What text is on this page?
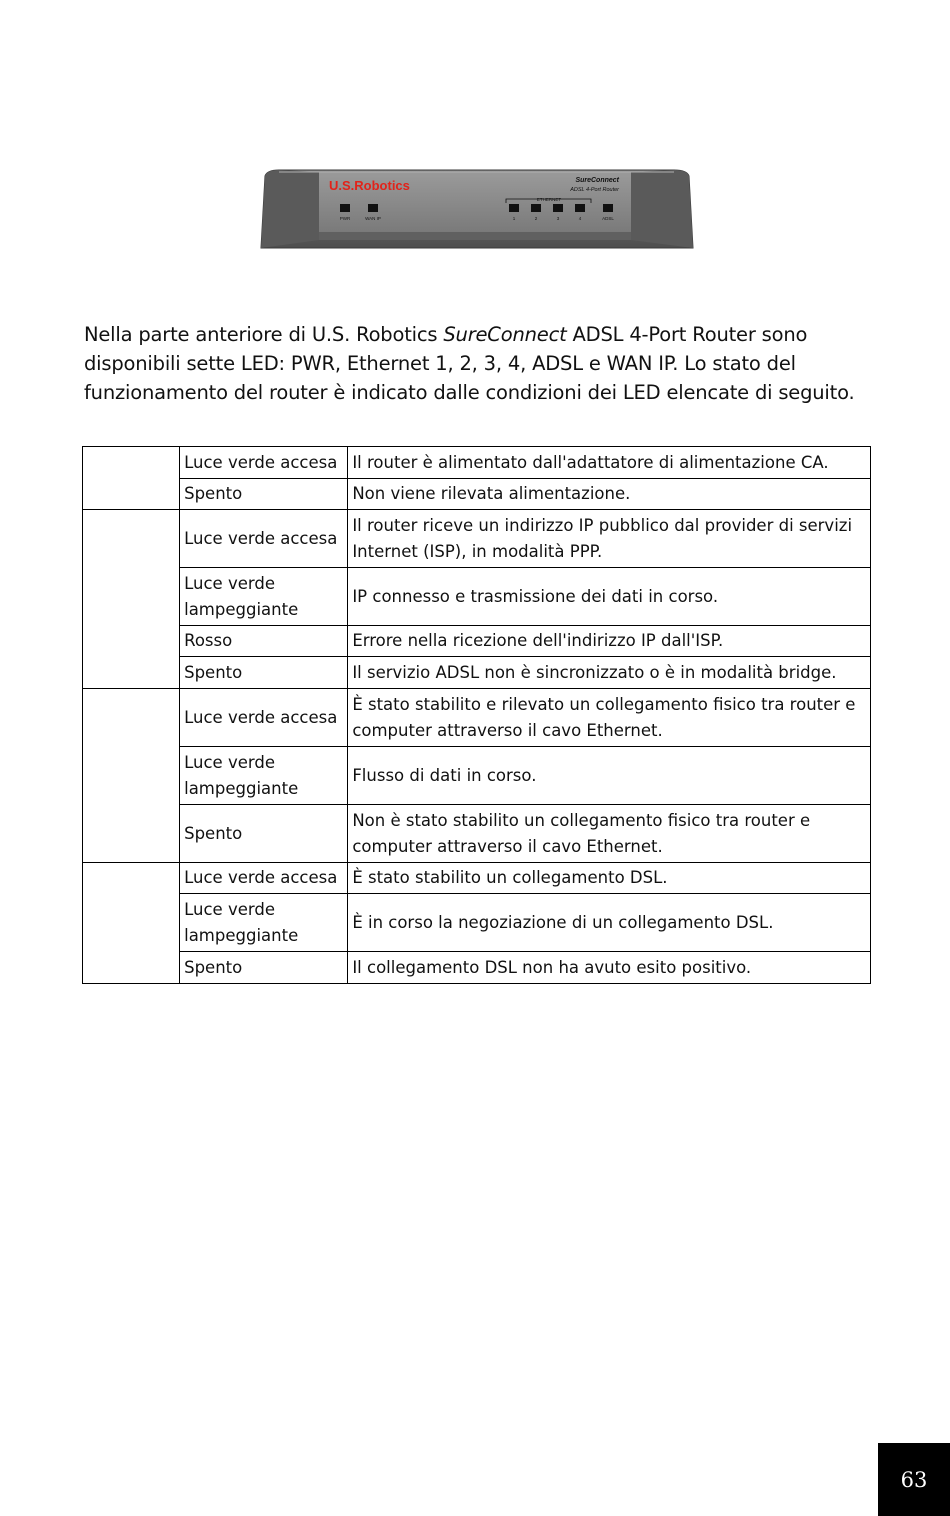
U.S.Robotics	SureConnect
ADSL 4-Port Router
ETHERNET
PWR	WAN IP	1	2	3	4	ADSL

Nella parte anteriore di U.S. Robotics SureConnect ADSL 4-Port Router sono disponibili sette LED: PWR, Ethernet 1, 2, 3, 4, ADSL e WAN IP. Lo stato del funzionamento del router è indicato dalle condizioni dei LED elencate di seguito.

	Luce verde accesa	Il router è alimentato dall'adattatore di alimentazione CA.
	Spento	Non viene rilevata alimentazione.
	Luce verde accesa	Il router riceve un indirizzo IP pubblico dal provider di servizi Internet (ISP), in modalità PPP.
	Luce verde lampeggiante	IP connesso e trasmissione dei dati in corso.
	Rosso	Errore nella ricezione dell'indirizzo IP dall'ISP.
	Spento	Il servizio ADSL non è sincronizzato o è in modalità bridge.
	Luce verde accesa	È stato stabilito e rilevato un collegamento fisico tra router e computer attraverso il cavo Ethernet.
	Luce verde lampeggiante	Flusso di dati in corso.
	Spento	Non è stato stabilito un collegamento fisico tra router e computer attraverso il cavo Ethernet.
	Luce verde accesa	È stato stabilito un collegamento DSL.
	Luce verde lampeggiante	È in corso la negoziazione di un collegamento DSL.
	Spento	Il collegamento DSL non ha avuto esito positivo.
63
